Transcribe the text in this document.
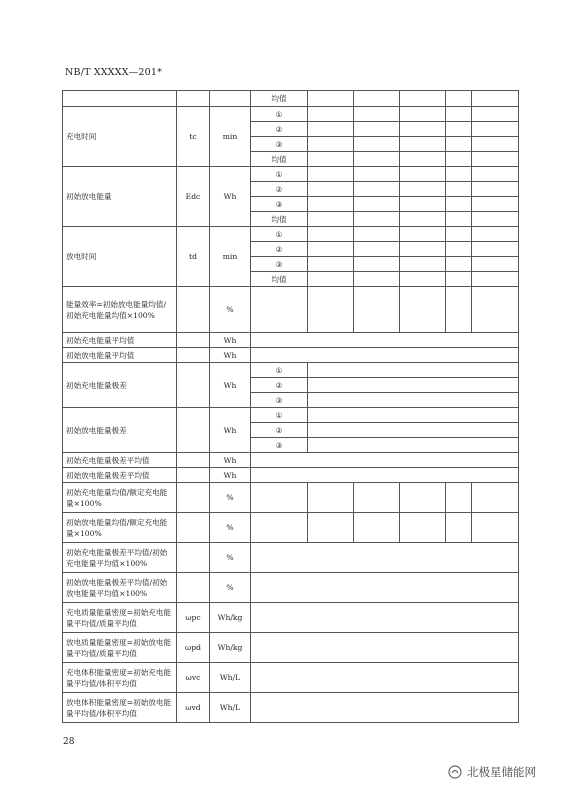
NB/T XXXXX—201*
			均值					
充电时间	tc	min	①					
			②					
			③					
			均值					
初始放电能量	Edc	Wh	①					
			②					
			③					
			均值					
放电时间	td	min	①					
			②					
			③					
			均值					
能量效率=初始放电能量均值/初始充电能量均值×100%		%						
初始充电能量平均值		Wh						
初始放电能量平均值		Wh						
初始充电能量极差		Wh	①					
			②					
			③					
初始放电能量极差		Wh	①					
			②					
			③					
初始充电能量极差平均值		Wh						
初始放电能量极差平均值		Wh						
初始充电能量均值/额定充电能量×100%		%						
初始放电能量均值/额定充电能量×100%		%						
初始充电能量极差平均值/初始充电能量平均值×100%		%						
初始放电能量极差平均值/初始放电能量平均值×100%		%						
充电质量能量密度=初始充电能量平均值/质量平均值	ωpc	Wh/kg						
放电质量能量密度=初始放电能量平均值/质量平均值	ωpd	Wh/kg						
充电体积能量密度=初始充电能量平均值/体积平均值	ωvc	Wh/L						
放电体积能量密度=初始放电能量平均值/体积平均值	ωvd	Wh/L						
28
北极星储能网
